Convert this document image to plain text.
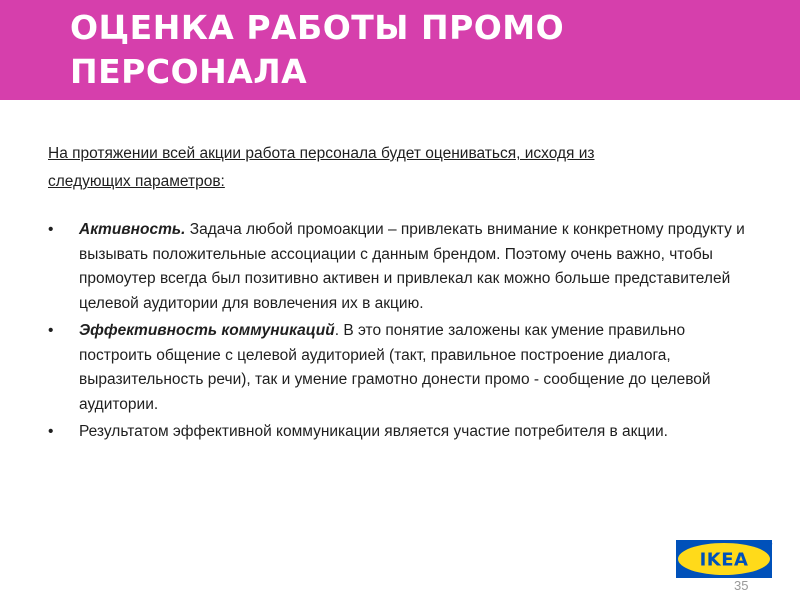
ОЦЕНКА РАБОТЫ ПРОМО ПЕРСОНАЛА

На протяжении всей акции работа персонала будет оцениваться, исходя из
следующих параметров:

• Активность. Задача любой промоакции – привлекать внимание к конкретному продукту и вызывать положительные ассоциации с данным брендом. Поэтому очень важно, чтобы промоутер всегда был позитивно активен и привлекал как можно больше представителей целевой аудитории для вовлечения их в акцию.
• Эффективность коммуникаций. В это понятие заложены как умение правильно построить общение с целевой аудиторией (такт, правильное построение диалога, выразительность речи), так и умение грамотно донести промо - сообщение до целевой аудитории.
• Результатом эффективной коммуникации является участие потребителя в акции.
IKEA
®
35
